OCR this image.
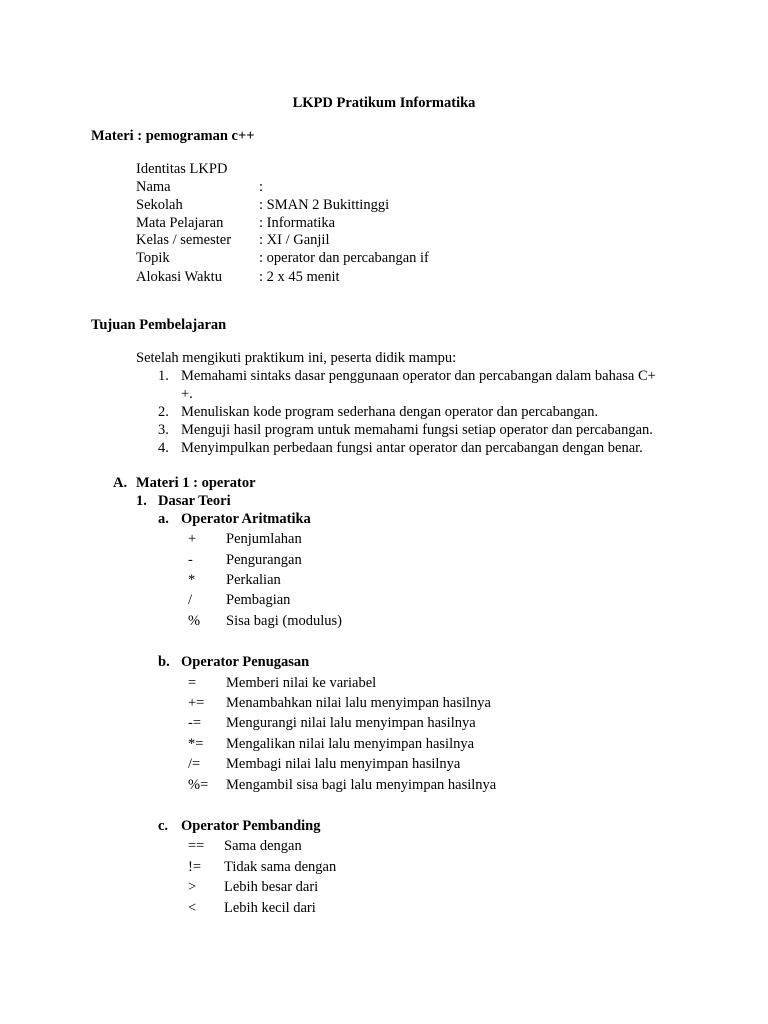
LKPD Pratikum Informatika
Materi : pemograman c++
Identitas LKPD
Nama	:
Sekolah	: SMAN 2 Bukittinggi
Mata Pelajaran : Informatika
Kelas / semester : XI / Ganjil
Topik	: operator dan percabangan if
Alokasi Waktu	: 2 x 45 menit
Tujuan Pembelajaran
Setelah mengikuti praktikum ini, peserta didik mampu:
1. Memahami sintaks dasar penggunaan operator dan percabangan dalam bahasa C+
+.
2. Menuliskan kode program sederhana dengan operator dan percabangan.
3. Menguji hasil program untuk memahami fungsi setiap operator dan percabangan.
4. Menyimpulkan perbedaan fungsi antar operator dan percabangan dengan benar.
A. Materi 1 : operator
1. Dasar Teori
a. Operator Aritmatika
+ Penjumlahan
- Pengurangan
* Perkalian
/ Pembagian
% Sisa bagi (modulus)
b. Operator Penugasan
= Memberi nilai ke variabel
+= Menambahkan nilai lalu menyimpan hasilnya
-= Mengurangi nilai lalu menyimpan hasilnya
*= Mengalikan nilai lalu menyimpan hasilnya
/= Membagi nilai lalu menyimpan hasilnya
%= Mengambil sisa bagi lalu menyimpan hasilnya
c. Operator Pembanding
== Sama dengan
!= Tidak sama dengan
> Lebih besar dari
< Lebih kecil dari
